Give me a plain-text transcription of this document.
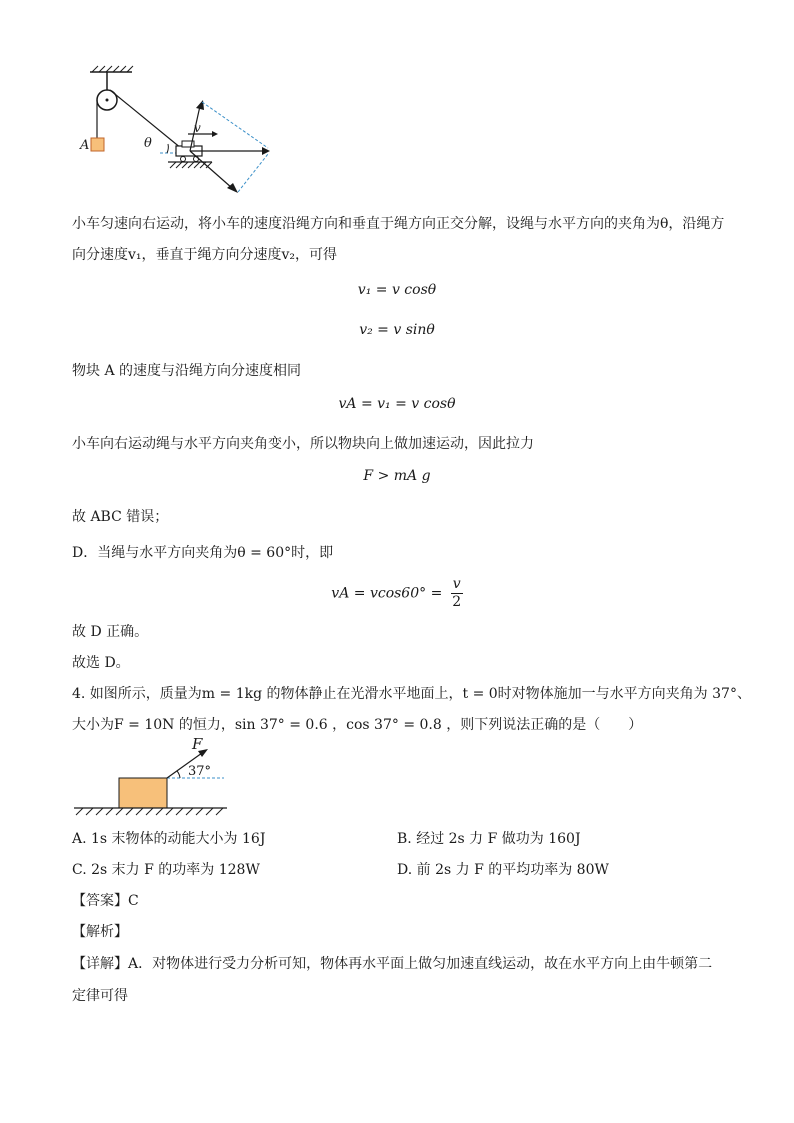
A	θ
v
小车匀速向右运动，将小车的速度沿绳方向和垂直于绳方向正交分解，设绳与水平方向的夹角为θ，沿绳方
向分速度v₁，垂直于绳方向分速度v₂，可得
v₁ = v cosθ
v₂ = v sinθ
物块 A 的速度与沿绳方向分速度相同
vA = v₁ = v cosθ
小车向右运动绳与水平方向夹角变小，所以物块向上做加速运动，因此拉力
F > mA g
故 ABC 错误；
D．当绳与水平方向夹角为θ = 60°时，即
vA = $vcos60^\circ = \frac{v}{2}$
故 D 正确。
故选 D。
4. 如图所示，质量为m = 1kg 的物体静止在光滑水平地面上，t = 0时对物体施加一与水平方向夹角为 37°、
大小为F = 10N 的恒力，sin 37° = 0.6 ，cos 37° = 0.8 ，则下列说法正确的是（　　）
F
37°
A. 1s 末物体的动能大小为 16J	B. 经过 2s 力 F 做功为 160J
C. 2s 末力 F 的功率为 128W	D. 前 2s 力 F 的平均功率为 80W
【答案】C
【解析】
【详解】A．对物体进行受力分析可知，物体再水平面上做匀加速直线运动，故在水平方向上由牛顿第二
定律可得
